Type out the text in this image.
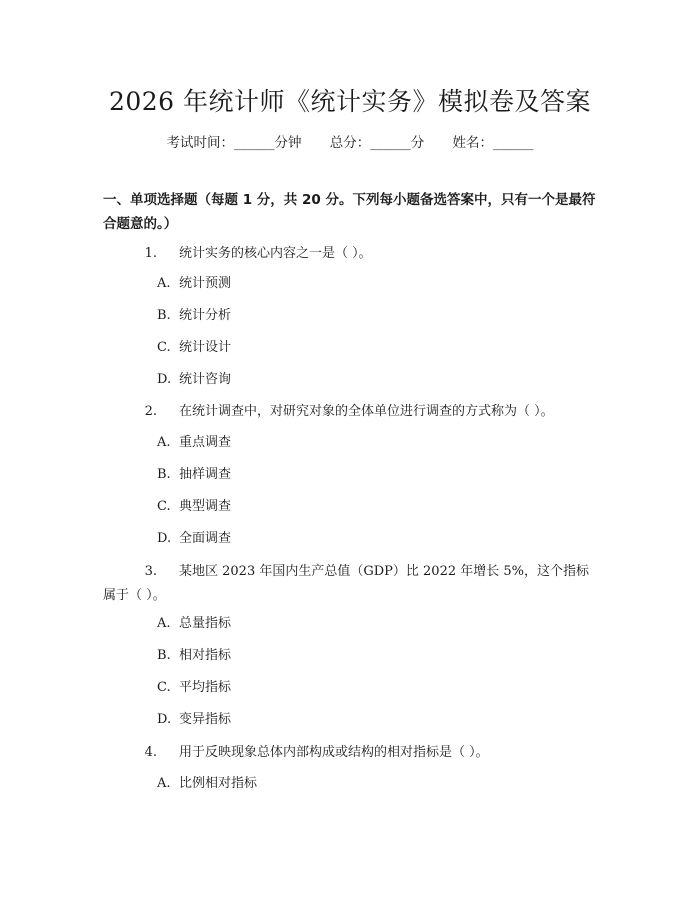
2026 年统计师《统计实务》模拟卷及答案
考试时间：______分钟 总分：______分 姓名：______
一、单项选择题（每题 1 分，共 20 分。下列每小题备选答案中，只有一个是最符合题意的。）
1. 统计实务的核心内容之一是（ ）。
A. 统计预测
B. 统计分析
C. 统计设计
D. 统计咨询
2. 在统计调查中，对研究对象的全体单位进行调查的方式称为（ ）。
A. 重点调查
B. 抽样调查
C. 典型调查
D. 全面调查
3. 某地区 2023 年国内生产总值（GDP）比 2022 年增长 5%，这个指标属于（ ）。
A. 总量指标
B. 相对指标
C. 平均指标
D. 变异指标
4. 用于反映现象总体内部构成或结构的相对指标是（ ）。
A. 比例相对指标
